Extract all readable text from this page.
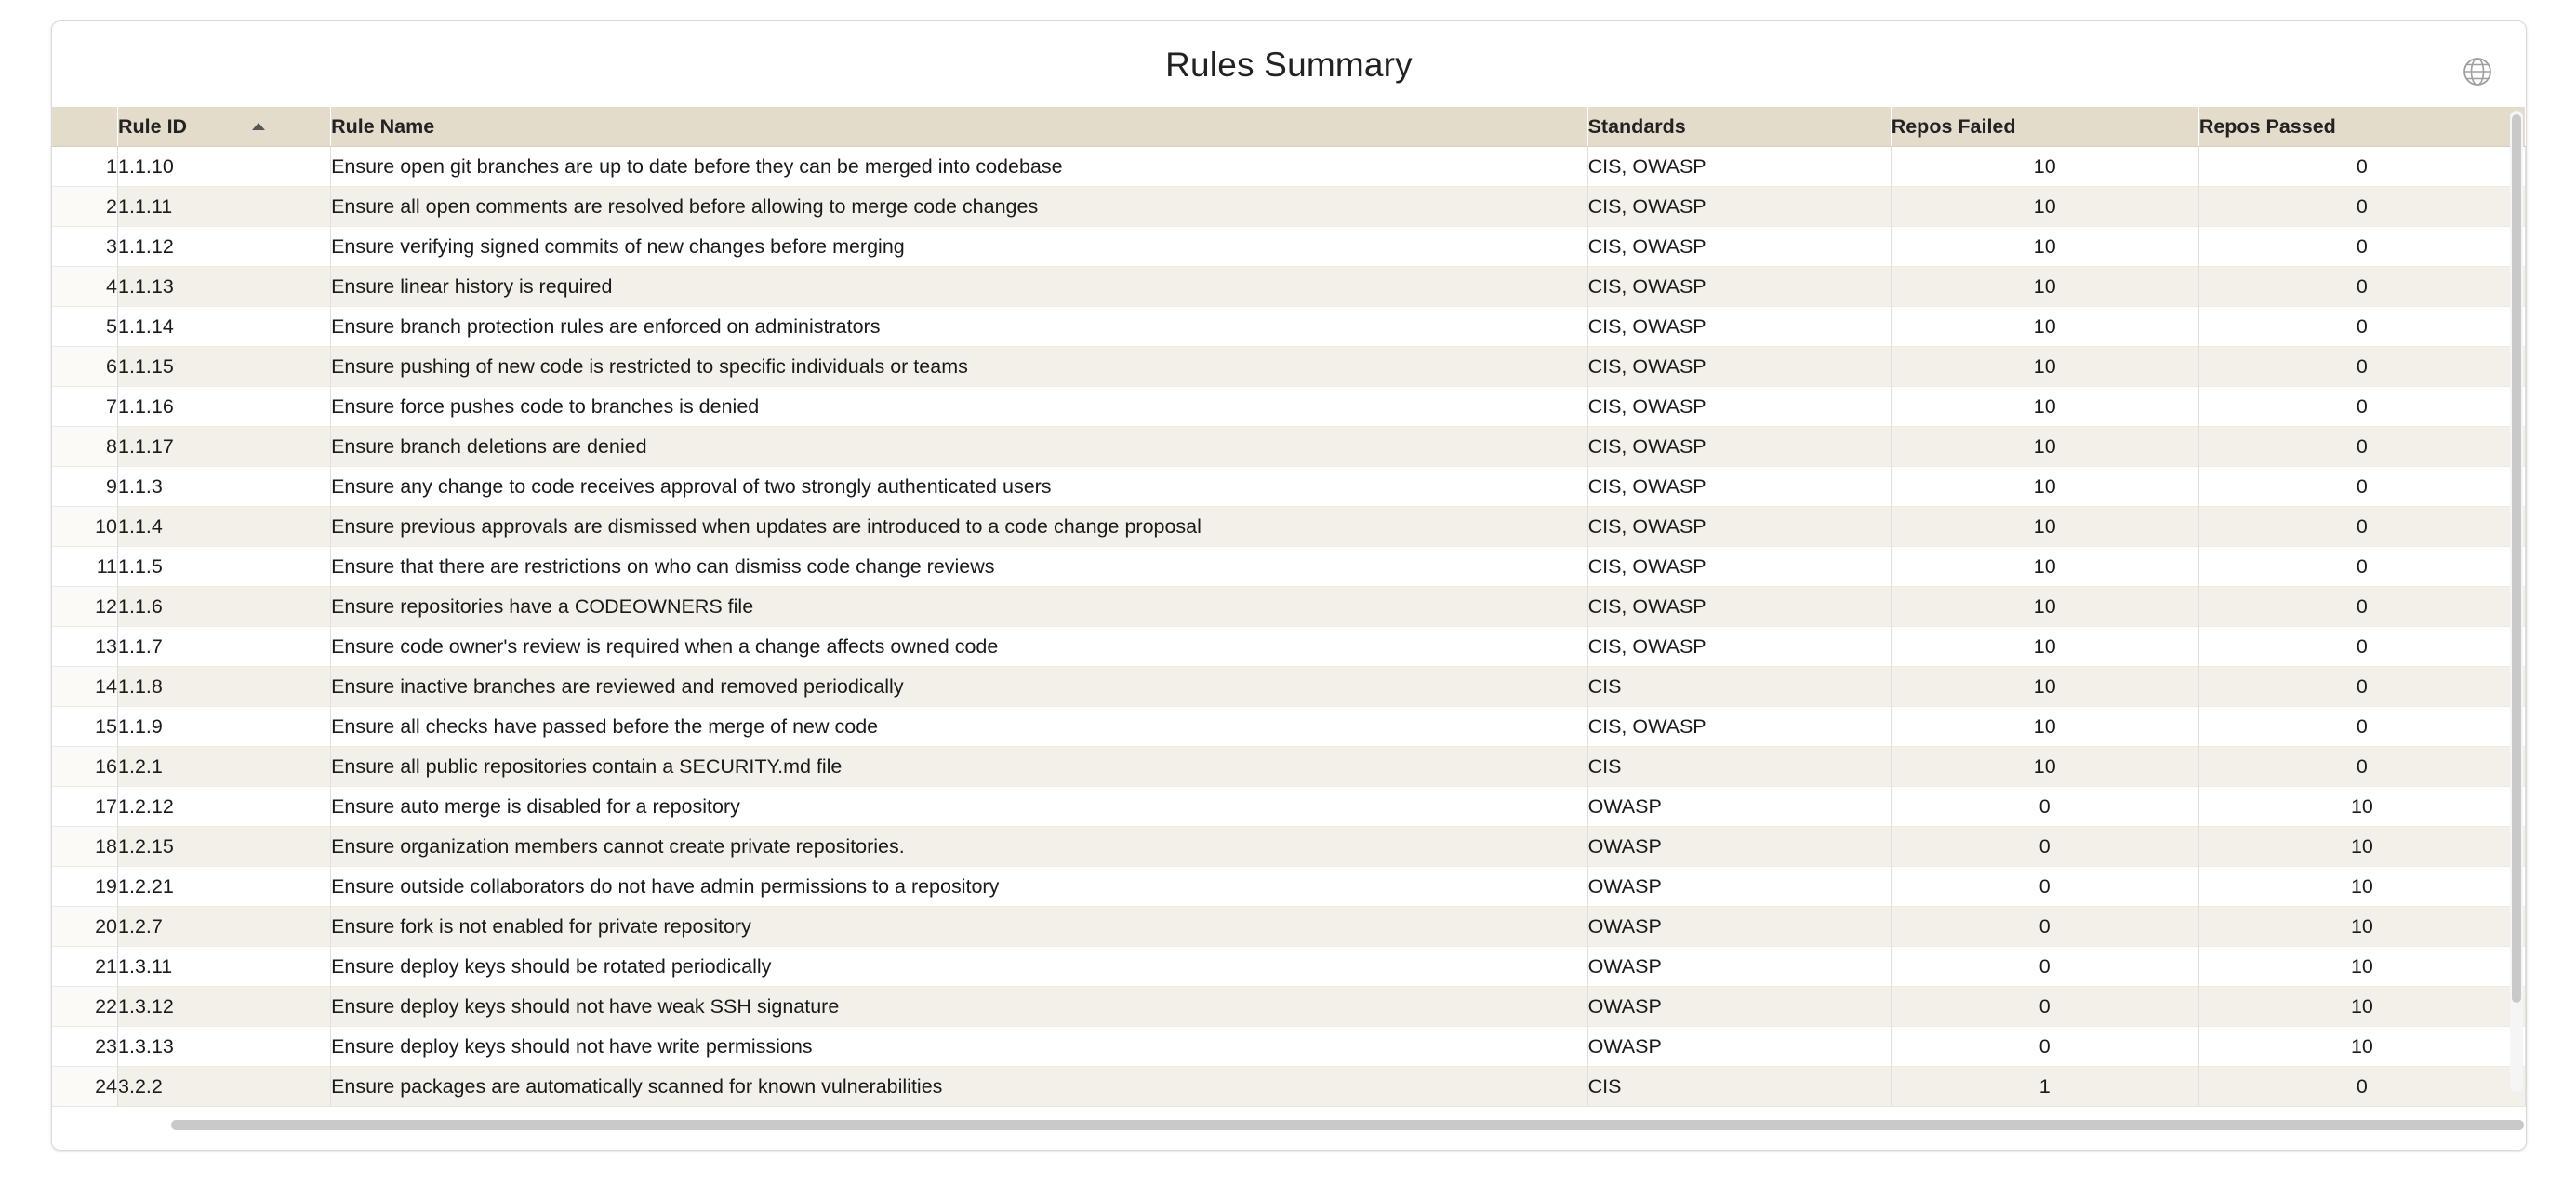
Rules Summary
	Rule ID	Rule Name	Standards	Repos Failed	Repos Passed
1	1.1.10	Ensure open git branches are up to date before they can be merged into codebase	CIS, OWASP	10	0
2	1.1.11	Ensure all open comments are resolved before allowing to merge code changes	CIS, OWASP	10	0
3	1.1.12	Ensure verifying signed commits of new changes before merging	CIS, OWASP	10	0
4	1.1.13	Ensure linear history is required	CIS, OWASP	10	0
5	1.1.14	Ensure branch protection rules are enforced on administrators	CIS, OWASP	10	0
6	1.1.15	Ensure pushing of new code is restricted to specific individuals or teams	CIS, OWASP	10	0
7	1.1.16	Ensure force pushes code to branches is denied	CIS, OWASP	10	0
8	1.1.17	Ensure branch deletions are denied	CIS, OWASP	10	0
9	1.1.3	Ensure any change to code receives approval of two strongly authenticated users	CIS, OWASP	10	0
10	1.1.4	Ensure previous approvals are dismissed when updates are introduced to a code change proposal	CIS, OWASP	10	0
11	1.1.5	Ensure that there are restrictions on who can dismiss code change reviews	CIS, OWASP	10	0
12	1.1.6	Ensure repositories have a CODEOWNERS file	CIS, OWASP	10	0
13	1.1.7	Ensure code owner's review is required when a change affects owned code	CIS, OWASP	10	0
14	1.1.8	Ensure inactive branches are reviewed and removed periodically	CIS	10	0
15	1.1.9	Ensure all checks have passed before the merge of new code	CIS, OWASP	10	0
16	1.2.1	Ensure all public repositories contain a SECURITY.md file	CIS	10	0
17	1.2.12	Ensure auto merge is disabled for a repository	OWASP	0	10
18	1.2.15	Ensure organization members cannot create private repositories.	OWASP	0	10
19	1.2.21	Ensure outside collaborators do not have admin permissions to a repository	OWASP	0	10
20	1.2.7	Ensure fork is not enabled for private repository	OWASP	0	10
21	1.3.11	Ensure deploy keys should be rotated periodically	OWASP	0	10
22	1.3.12	Ensure deploy keys should not have weak SSH signature	OWASP	0	10
23	1.3.13	Ensure deploy keys should not have write permissions	OWASP	0	10
24	3.2.2	Ensure packages are automatically scanned for known vulnerabilities	CIS	1	0
